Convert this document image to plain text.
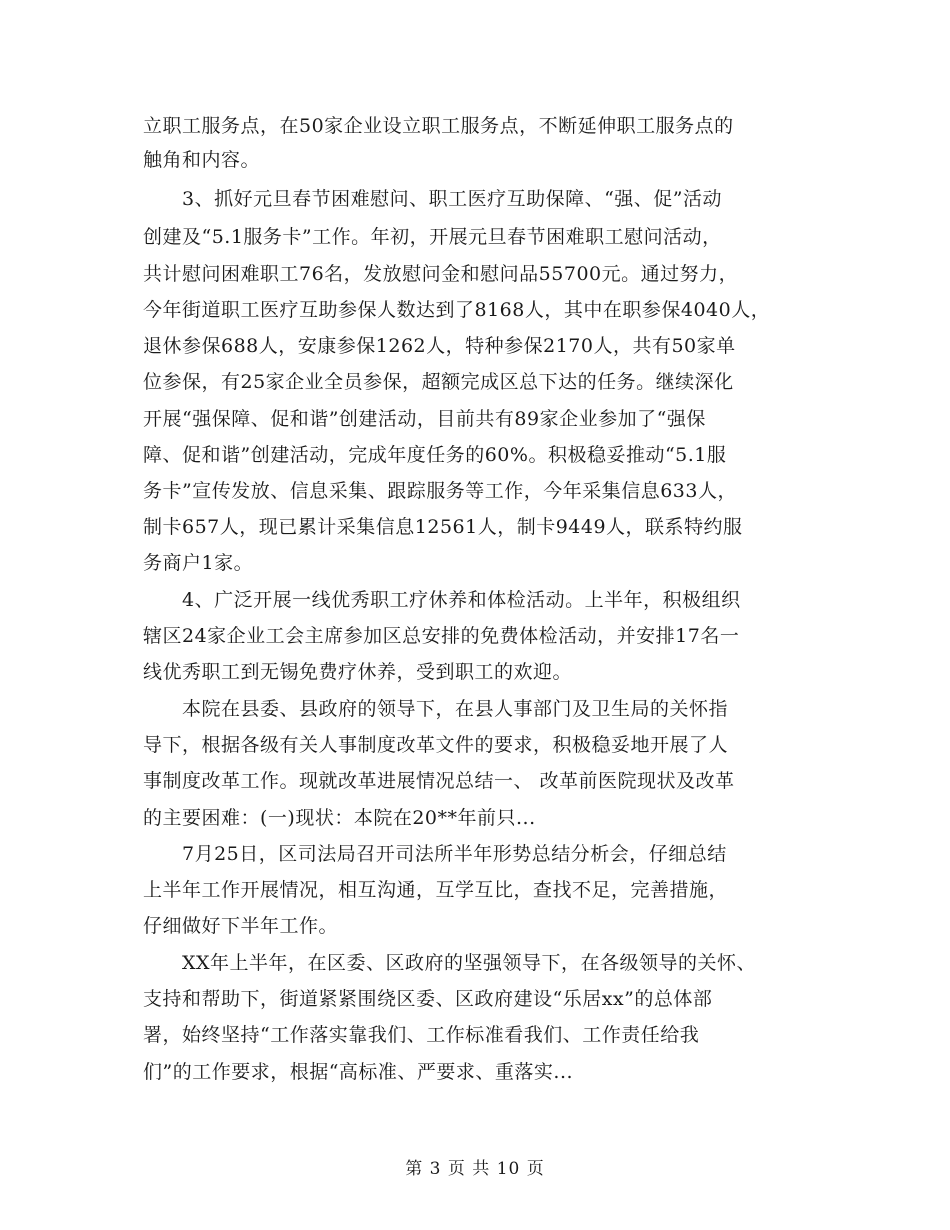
立职工服务点，在50家企业设立职工服务点，不断延伸职工服务点的
触角和内容。
　　3、抓好元旦春节困难慰问、职工医疗互助保障、“强、促”活动
创建及“5.1服务卡”工作。年初，开展元旦春节困难职工慰问活动，
共计慰问困难职工76名，发放慰问金和慰问品55700元。通过努力，
今年街道职工医疗互助参保人数达到了8168人，其中在职参保4040人，
退休参保688人，安康参保1262人，特种参保2170人，共有50家单
位参保，有25家企业全员参保，超额完成区总下达的任务。继续深化
开展“强保障、促和谐”创建活动，目前共有89家企业参加了“强保
障、促和谐”创建活动，完成年度任务的60%。积极稳妥推动“5.1服
务卡”宣传发放、信息采集、跟踪服务等工作，今年采集信息633人，
制卡657人，现已累计采集信息12561人，制卡9449人，联系特约服
务商户1家。
　　4、广泛开展一线优秀职工疗休养和体检活动。上半年，积极组织
辖区24家企业工会主席参加区总安排的免费体检活动，并安排17名一
线优秀职工到无锡免费疗休养，受到职工的欢迎。
　　本院在县委、县政府的领导下，在县人事部门及卫生局的关怀指
导下，根据各级有关人事制度改革文件的要求，积极稳妥地开展了人
事制度改革工作。现就改革进展情况总结一、 改革前医院现状及改革
的主要困难：(一)现状：本院在20**年前只...
　　7月25日，区司法局召开司法所半年形势总结分析会，仔细总结
上半年工作开展情况，相互沟通，互学互比，查找不足，完善措施，
仔细做好下半年工作。
　　XX年上半年，在区委、区政府的坚强领导下，在各级领导的关怀、
支持和帮助下，街道紧紧围绕区委、区政府建设“乐居xx”的总体部
署，始终坚持“工作落实靠我们、工作标准看我们、工作责任给我
们”的工作要求，根据“高标准、严要求、重落实...
第 3 页 共 10 页
